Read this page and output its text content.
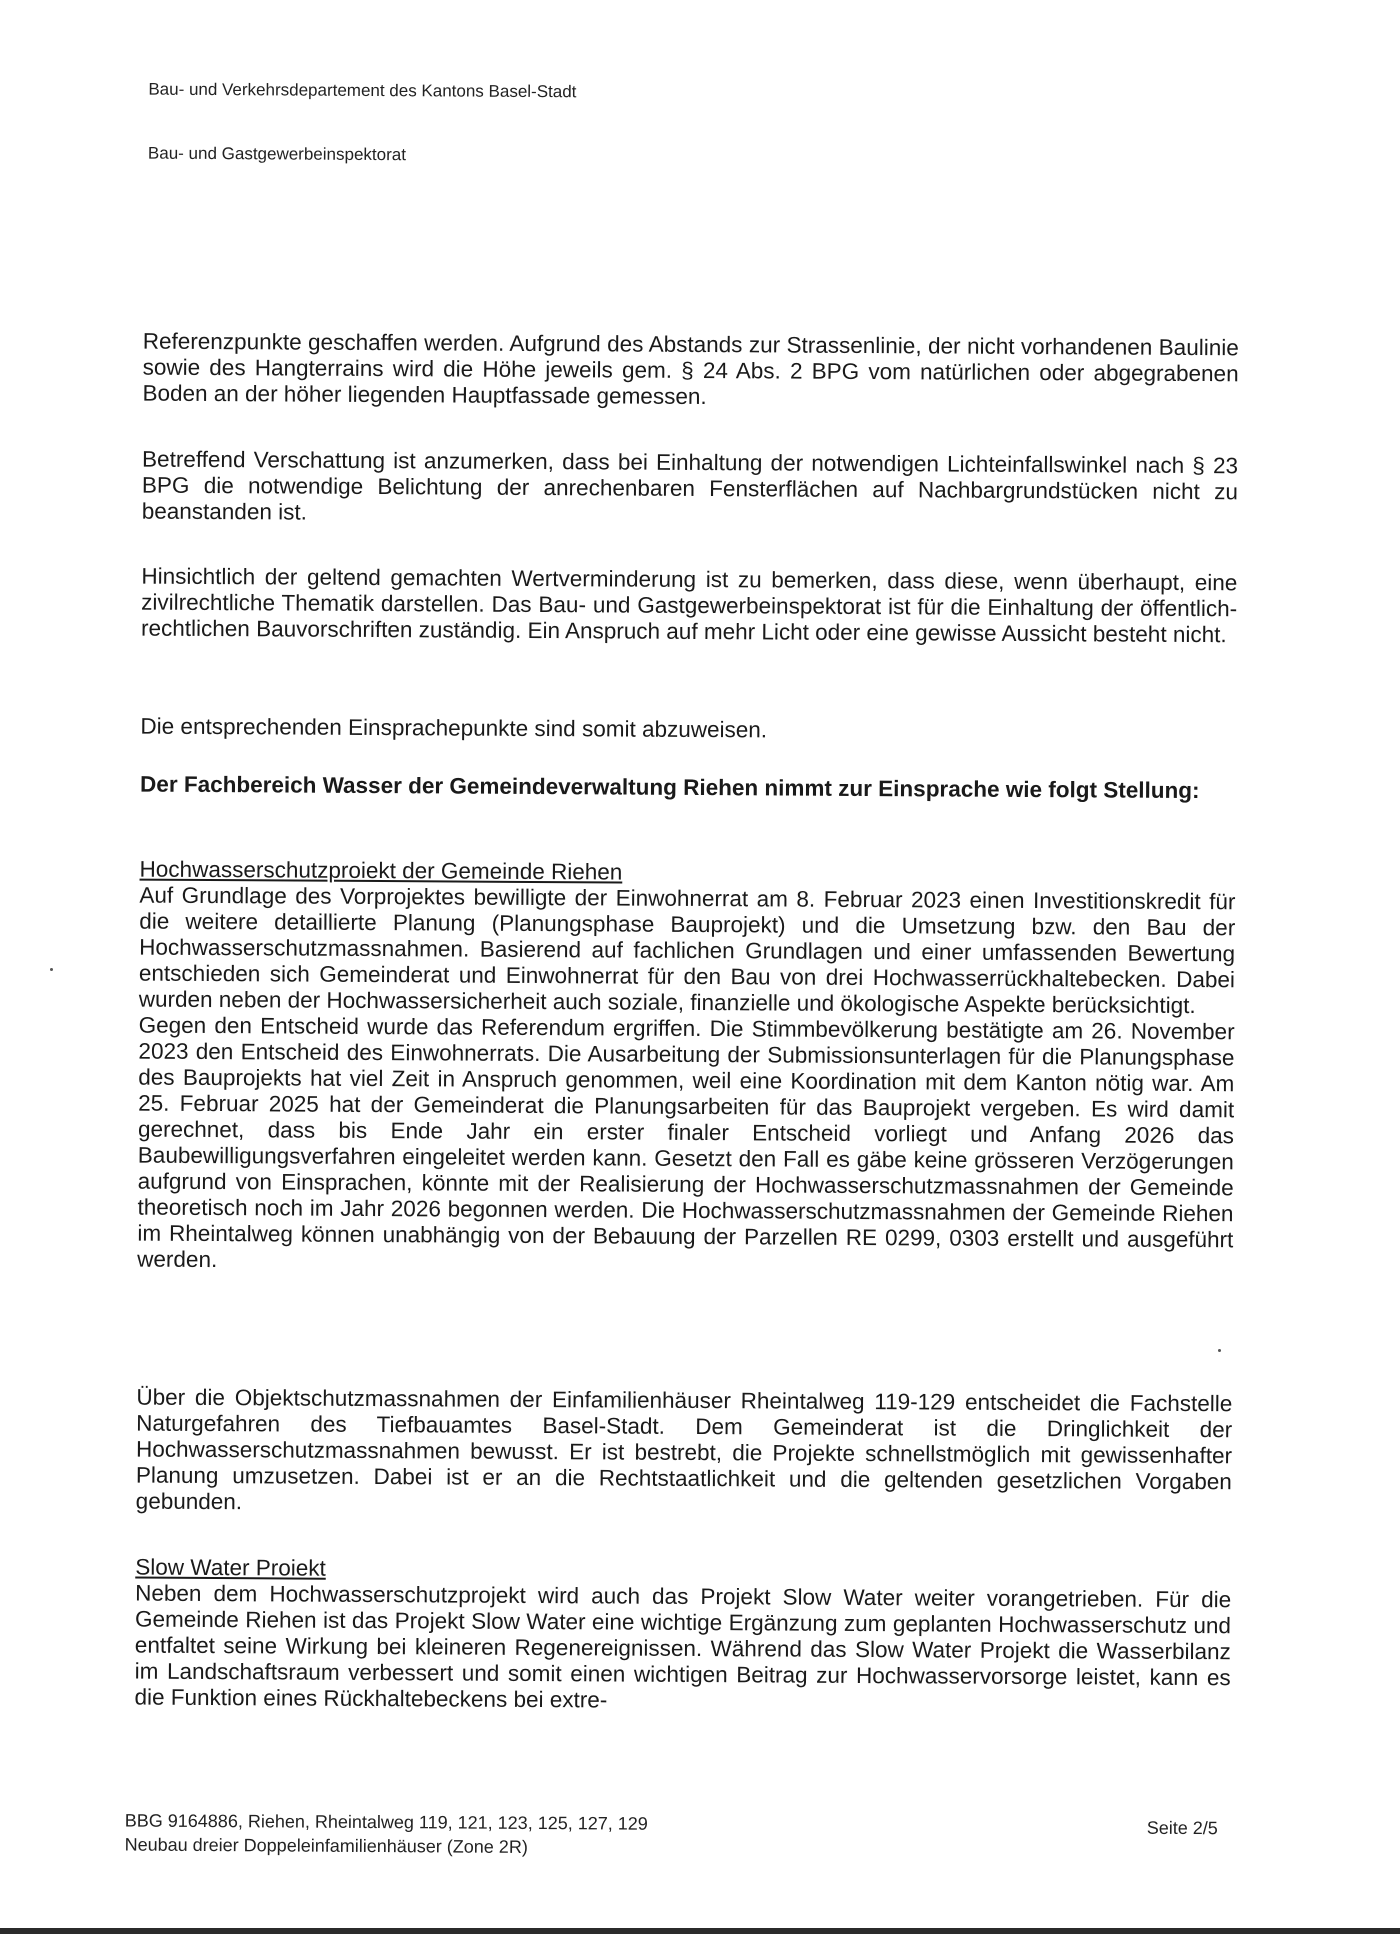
Bau- und Verkehrsdepartement des Kantons Basel-Stadt
Bau- und Gastgewerbeinspektorat

Referenzpunkte geschaffen werden. Aufgrund des Abstands zur Strassenlinie, der nicht vorhandenen Baulinie sowie des Hangterrains wird die Höhe jeweils gem. § 24 Abs. 2 BPG vom natürlichen oder abgegrabenen Boden an der höher liegenden Hauptfassade gemessen.

Betreffend Verschattung ist anzumerken, dass bei Einhaltung der notwendigen Lichteinfallswinkel nach § 23 BPG die notwendige Belichtung der anrechenbaren Fensterflächen auf Nachbargrundstücken nicht zu beanstanden ist.

Hinsichtlich der geltend gemachten Wertverminderung ist zu bemerken, dass diese, wenn überhaupt, eine zivilrechtliche Thematik darstellen. Das Bau- und Gastgewerbeinspektorat ist für die Einhaltung der öffentlich-rechtlichen Bauvorschriften zuständig. Ein Anspruch auf mehr Licht oder eine gewisse Aussicht besteht nicht.

Die entsprechenden Einsprachepunkte sind somit abzuweisen.

Der Fachbereich Wasser der Gemeindeverwaltung Riehen nimmt zur Einsprache wie folgt Stellung:

Hochwasserschutzproiekt der Gemeinde Riehen

Auf Grundlage des Vorprojektes bewilligte der Einwohnerrat am 8. Februar 2023 einen Investitionskredit für die weitere detaillierte Planung (Planungsphase Bauprojekt) und die Umsetzung bzw. den Bau der Hochwasserschutzmassnahmen. Basierend auf fachlichen Grundlagen und einer umfassenden Bewertung entschieden sich Gemeinderat und Einwohnerrat für den Bau von drei Hochwasserrückhaltebecken. Dabei wurden neben der Hochwassersicherheit auch soziale, finanzielle und ökologische Aspekte berücksichtigt.

Gegen den Entscheid wurde das Referendum ergriffen. Die Stimmbevölkerung bestätigte am 26. November 2023 den Entscheid des Einwohnerrats. Die Ausarbeitung der Submissionsunterlagen für die Planungsphase des Bauprojekts hat viel Zeit in Anspruch genommen, weil eine Koordination mit dem Kanton nötig war. Am 25. Februar 2025 hat der Gemeinderat die Planungsarbeiten für das Bauprojekt vergeben. Es wird damit gerechnet, dass bis Ende Jahr ein erster finaler Entscheid vorliegt und Anfang 2026 das Baubewilligungsverfahren eingeleitet werden kann. Gesetzt den Fall es gäbe keine grösseren Verzögerungen aufgrund von Einsprachen, könnte mit der Realisierung der Hochwasserschutzmassnahmen der Gemeinde theoretisch noch im Jahr 2026 begonnen werden. Die Hochwasserschutzmassnahmen der Gemeinde Riehen im Rheintalweg können unabhängig von der Bebauung der Parzellen RE 0299, 0303 erstellt und ausgeführt werden.

Über die Objektschutzmassnahmen der Einfamilienhäuser Rheintalweg 119-129 entscheidet die Fachstelle Naturgefahren des Tiefbauamtes Basel-Stadt. Dem Gemeinderat ist die Dringlichkeit der Hochwasserschutzmassnahmen bewusst. Er ist bestrebt, die Projekte schnellstmöglich mit gewissenhafter Planung umzusetzen. Dabei ist er an die Rechtstaatlichkeit und die geltenden gesetzlichen Vorgaben gebunden.

Slow Water Proiekt

Neben dem Hochwasserschutzprojekt wird auch das Projekt Slow Water weiter vorangetrieben. Für die Gemeinde Riehen ist das Projekt Slow Water eine wichtige Ergänzung zum geplanten Hochwasserschutz und entfaltet seine Wirkung bei kleineren Regenereignissen. Während das Slow Water Projekt die Wasserbilanz im Landschaftsraum verbessert und somit einen wichtigen Beitrag zur Hochwasservorsorge leistet, kann es die Funktion eines Rückhaltebeckens bei extre-

BBG 9164886, Riehen, Rheintalweg 119, 121, 123, 125, 127, 129
Neubau dreier Doppeleinfamilienhäuser (Zone 2R)
Seite 2/5
